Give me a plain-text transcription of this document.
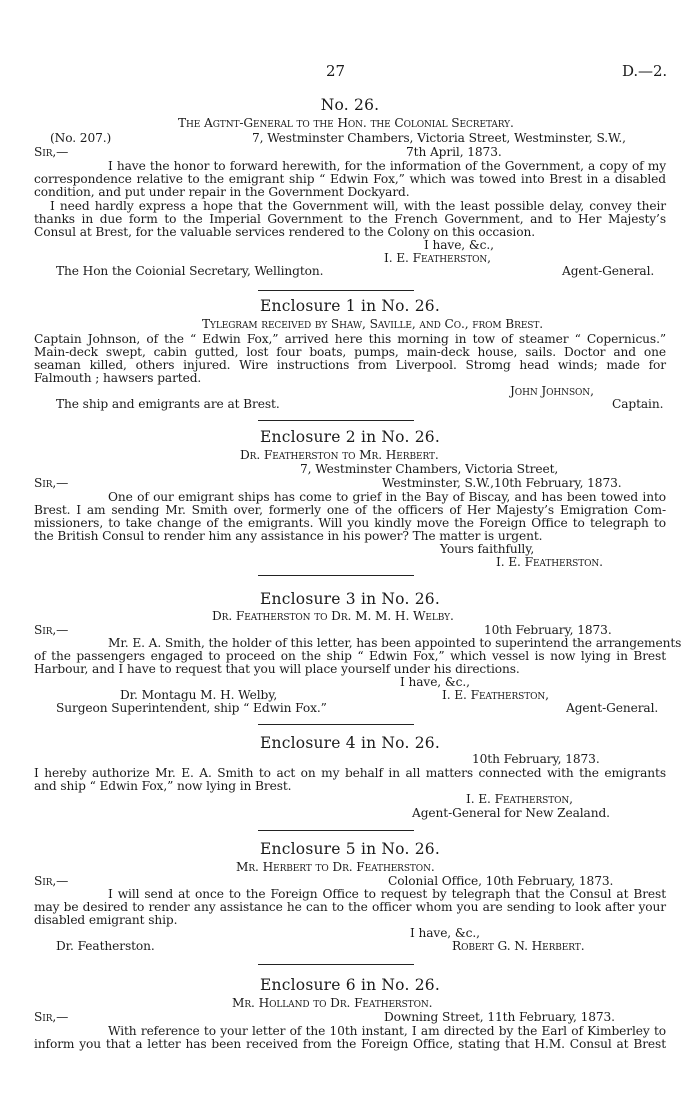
27	D.—2.
No. 26.
The Agtnt-General to the Hon. the Colonial Secretary.
(No. 207.)	7, Westminster Chambers, Victoria Street, Westminster, S.W.,
Sir,—	7th April, 1873.
I have the honor to forward herewith, for the information of the Government, a copy of my
correspondence relative to the emigrant ship “ Edwin Fox,” which was towed into Brest in a disabled
condition, and put under repair in the Government Dockyard.
I need hardly express a hope that the Government will, with the least possible delay, convey their
thanks in due form to the Imperial Government to the French Government, and to Her Majesty’s
Consul at Brest, for the valuable services rendered to the Colony on this occasion.
I have, &c.,
I. E. Featherston,
The Hon the Coionial Secretary, Wellington.	Agent-General.
Enclosure 1 in No. 26.
Tylegram received by Shaw, Saville, and Co., from Brest.
Captain Johnson, of the “ Edwin Fox,” arrived here this morning in tow of steamer “ Copernicus.”
Main-deck swept, cabin gutted, lost four boats, pumps, main-deck house, sails. Doctor and one
seaman killed, others injured. Wire instructions from Liverpool. Stromg head winds; made for
Falmouth ; hawsers parted.
John Johnson,
The ship and emigrants are at Brest.	Captain.
Enclosure 2 in No. 26.
Dr. Featherston to Mr. Herbert.
7, Westminster Chambers, Victoria Street,
Sir,—	Westminster, S.W.,10th February, 1873.
One of our emigrant ships has come to grief in the Bay of Biscay, and has been towed into
Brest. I am sending Mr. Smith over, formerly one of the officers of Her Majesty’s Emigration Com-
missioners, to take change of the emigrants. Will you kindly move the Foreign Office to telegraph to
the British Consul to render him any assistance in his power? The matter is urgent.
Yours faithfully,
I. E. Featherston.
Enclosure 3 in No. 26.
Dr. Featherston to Dr. M. M. H. Welby.
Sir,—	10th February, 1873.
Mr. E. A. Smith, the holder of this letter, has been appointed to superintend the arrangements
of the passengers engaged to proceed on the ship “ Edwin Fox,” which vessel is now lying in Brest
Harbour, and I have to request that you will place yourself under his directions.
I have, &c.,
Dr. Montagu M. H. Welby,	I. E. Featherston,
Surgeon Superintendent, ship “ Edwin Fox.”	Agent-General.
Enclosure 4 in No. 26.
10th February, 1873.
I hereby authorize Mr. E. A. Smith to act on my behalf in all matters connected with the emigrants
and ship “ Edwin Fox,” now lying in Brest.
I. E. Featherston,
Agent-General for New Zealand.
Enclosure 5 in No. 26.
Mr. Herbert to Dr. Featherston.
Sir,—	Colonial Office, 10th February, 1873.
I will send at once to the Foreign Office to request by telegraph that the Consul at Brest
may be desired to render any assistance he can to the officer whom you are sending to look after your
disabled emigrant ship.
I have, &c.,
Dr. Featherston.	Robert G. N. Herbert.
Enclosure 6 in No. 26.
Mr. Holland to Dr. Featherston.
Sir,—	Downing Street, 11th February, 1873.
With reference to your letter of the 10th instant, I am directed by the Earl of Kimberley to
inform you that a letter has been received from the Foreign Office, stating that H.M. Consul at Brest
